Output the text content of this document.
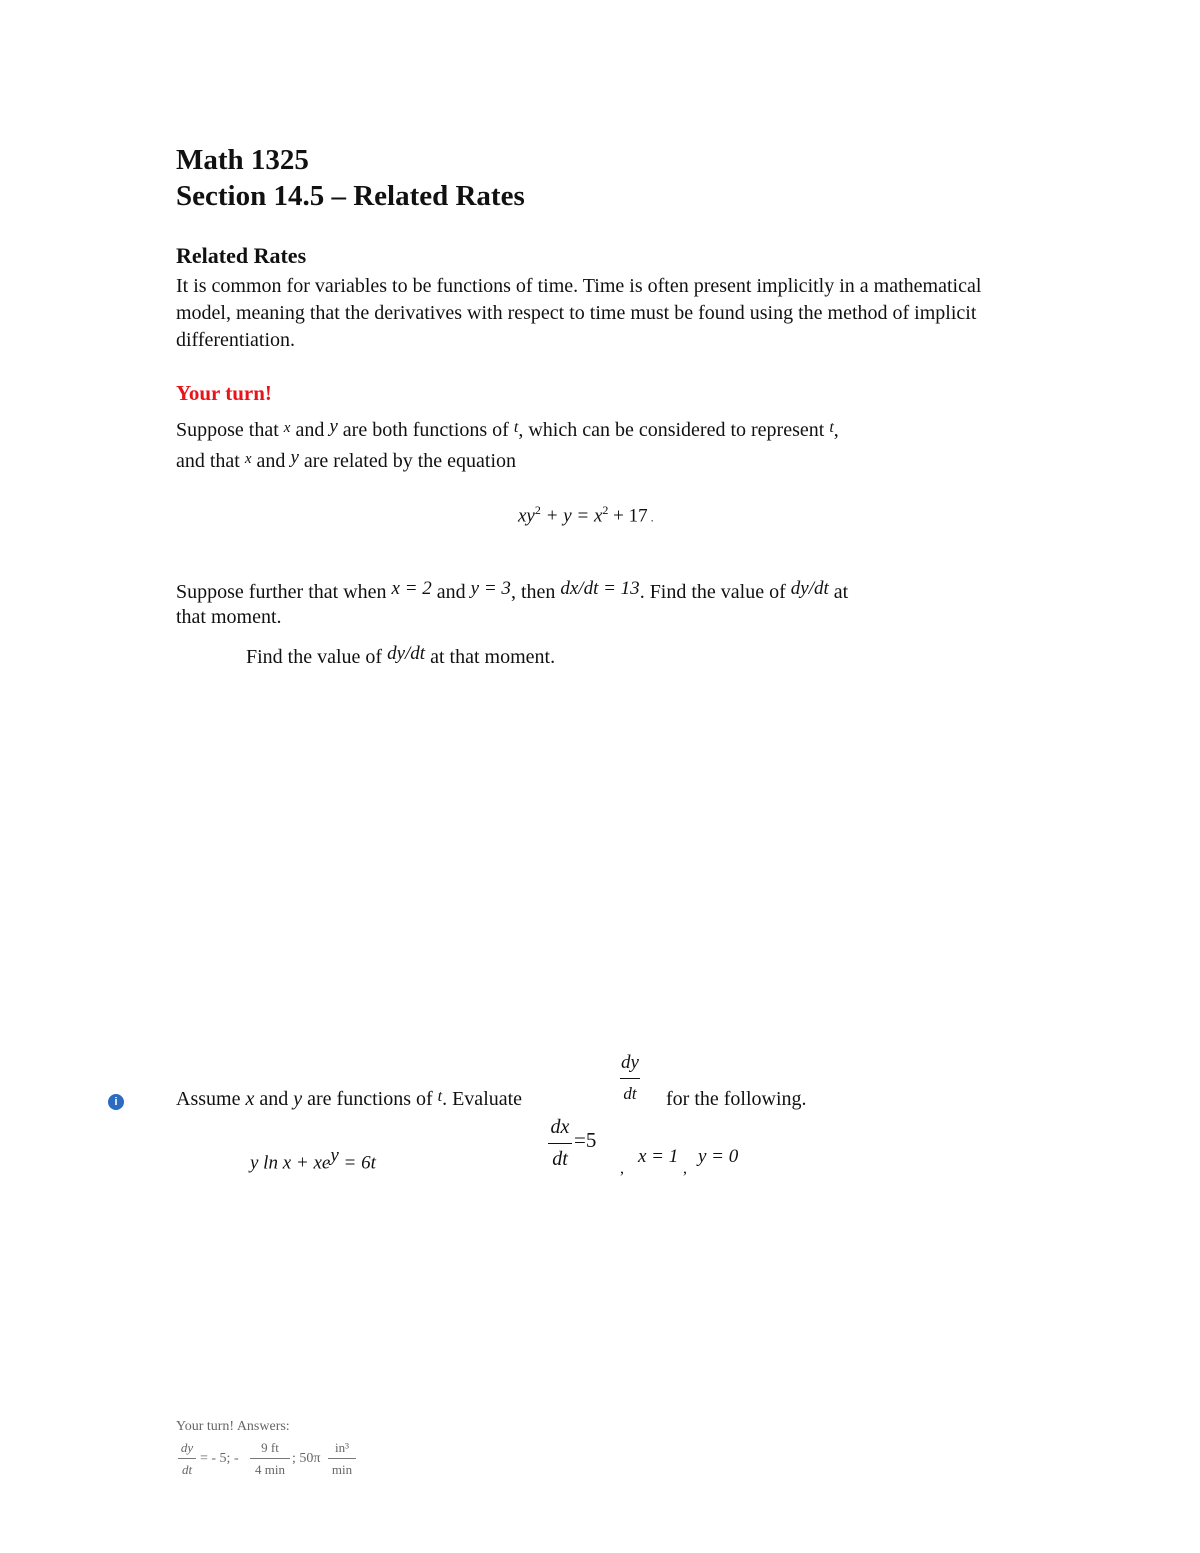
Math 1325
Section 14.5 – Related Rates
Related Rates
It is common for variables to be functions of time. Time is often present implicitly in a mathematical model, meaning that the derivatives with respect to time must be found using the method of implicit differentiation.
Your turn!
Suppose that $^x$ and y are both functions of $^t$, which can be considered to represent $^t$,
and that $^x$ and y are related by the equation
$xy^2 + y = x^2 + 17$ .
Suppose further that when x = 2 and y = 3, then dx/dt = 13. Find the value of dy/dt at
that moment.
Find the value of dy/dt at that moment.
i	Assume x and y are functions of $^t$. Evaluate
dy
dt	for the following.
y $\ln x + xe^y = 6t$
dx
dt
=5
,
x = 1
,
y = 0
Your turn! Answers:
dy
dt
= - 5; -
9 ft
4 min
; 50π
in³
min
